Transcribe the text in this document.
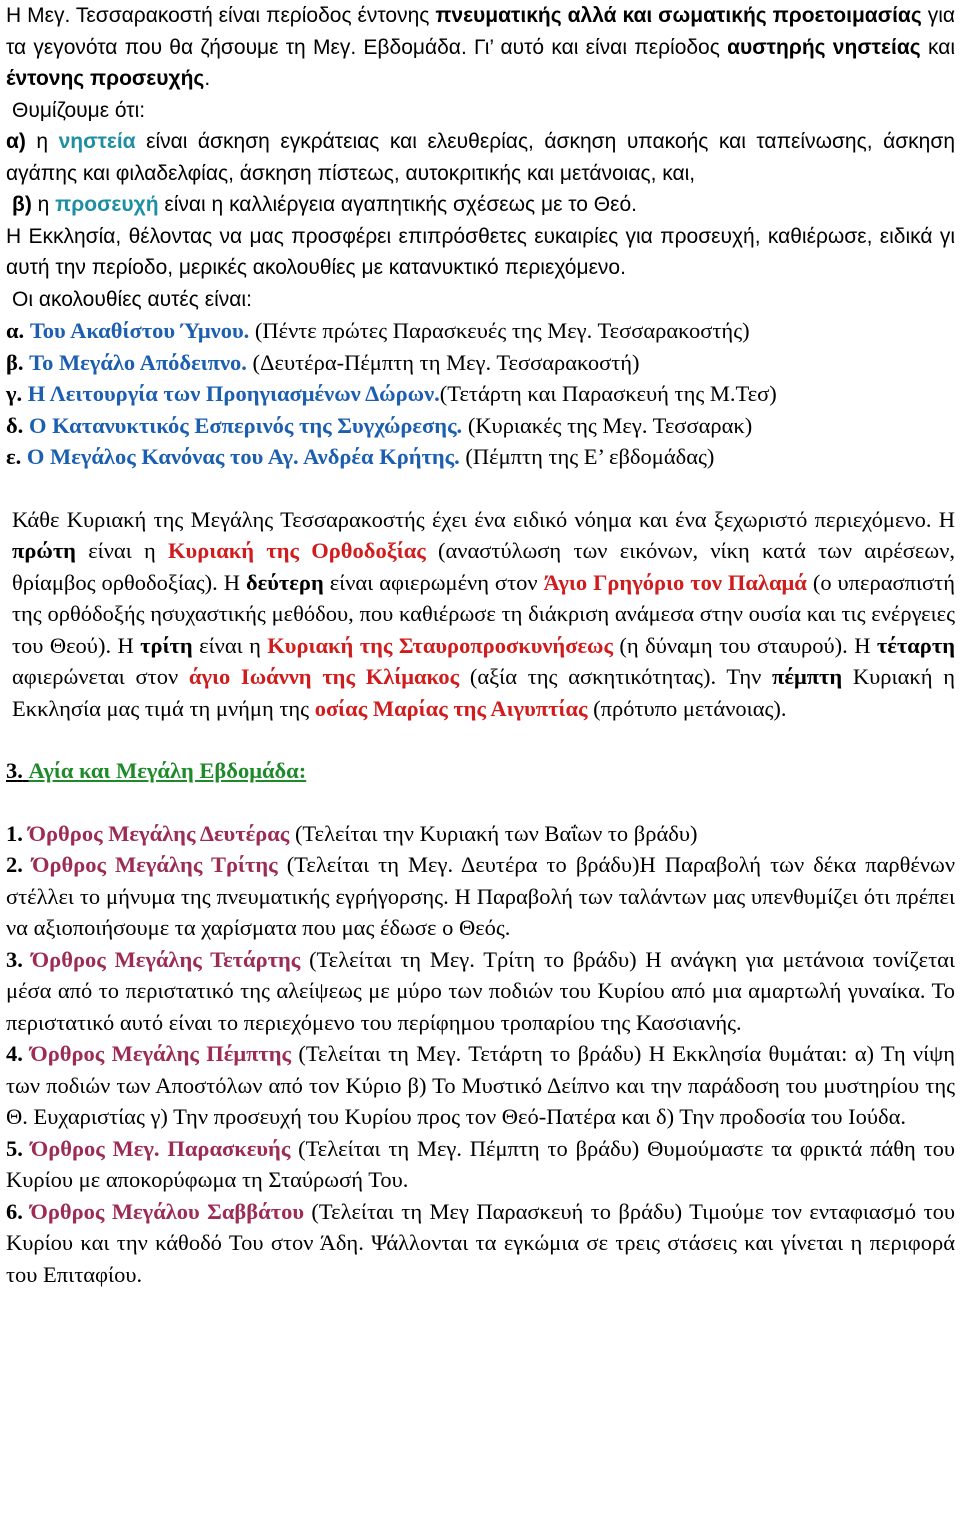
Η Μεγ. Τεσσαρακοστή είναι περίοδος έντονης πνευματικής αλλά και σωματικής προετοιμασίας για τα γεγονότα που θα ζήσουμε τη Μεγ. Εβδομάδα. Γι’ αυτό και είναι περίοδος αυστηρής νηστείας και έντονης προσευχής.

Θυμίζουμε ότι:

α) η νηστεία είναι άσκηση εγκράτειας και ελευθερίας, άσκηση υπακοής και ταπείνωσης, άσκηση αγάπης και φιλαδελφίας, άσκηση πίστεως, αυτοκριτικής και μετάνοιας, και,

β) η προσευχή είναι η καλλιέργεια αγαπητικής σχέσεως με το Θεό.

Η Εκκλησία, θέλοντας να μας προσφέρει επιπρόσθετες ευκαιρίες για προσευχή, καθιέρωσε, ειδικά γι αυτή την περίοδο, μερικές ακολουθίες με κατανυκτικό περιεχόμενο.

Οι ακολουθίες αυτές είναι:

α. Του Ακαθίστου Ύμνου. (Πέντε πρώτες Παρασκευές της Μεγ. Τεσσαρακοστής)

β. Το Μεγάλο Απόδειπνο. (Δευτέρα-Πέμπτη τη Μεγ. Τεσσαρακοστή)

γ. Η Λειτουργία των Προηγιασμένων Δώρων.(Τετάρτη και Παρασκευή της Μ.Τεσ)

δ. Ο Κατανυκτικός Εσπερινός της Συγχώρεσης. (Κυριακές της Μεγ. Τεσσαρακ)

ε. Ο Μεγάλος Κανόνας του Αγ. Ανδρέα Κρήτης. (Πέμπτη της Ε’ εβδομάδας)

Κάθε Κυριακή της Μεγάλης Τεσσαρακοστής έχει ένα ειδικό νόημα και ένα ξεχωριστό περιεχόμενο. Η πρώτη είναι η Κυριακή της Ορθοδοξίας (αναστύλωση των εικόνων, νίκη κατά των αιρέσεων, θρίαμβος ορθοδοξίας). Η δεύτερη είναι αφιερωμένη στον Άγιο Γρηγόριο τον Παλαμά (ο υπερασπιστή της ορθόδοξής ησυχαστικής μεθόδου, που καθιέρωσε τη διάκριση ανάμεσα στην ουσία και τις ενέργειες του Θεού). Η τρίτη είναι η Κυριακή της Σταυροπροσκυνήσεως (η δύναμη του σταυρού). Η τέταρτη αφιερώνεται στον άγιο Ιωάννη της Κλίμακος (αξία της ασκητικότητας). Την πέμπτη Κυριακή η Εκκλησία μας τιμά τη μνήμη της οσίας Μαρίας της Αιγυπτίας (πρότυπο μετάνοιας).

3. Αγία και Μεγάλη Εβδομάδα:

1. Όρθρος Μεγάλης Δευτέρας (Τελείται την Κυριακή των Βαΐων το βράδυ)

2. Όρθρος Μεγάλης Τρίτης (Τελείται τη Μεγ. Δευτέρα το βράδυ)Η Παραβολή των δέκα παρθένων στέλλει το μήνυμα της πνευματικής εγρήγορσης. Η Παραβολή των ταλάντων μας υπενθυμίζει ότι πρέπει να αξιοποιήσουμε τα χαρίσματα που μας έδωσε ο Θεός.

3. Όρθρος Μεγάλης Τετάρτης (Τελείται τη Μεγ. Τρίτη το βράδυ) Η ανάγκη για μετάνοια τονίζεται μέσα από το περιστατικό της αλείψεως με μύρο των ποδιών του Κυρίου από μια αμαρτωλή γυναίκα. Το περιστατικό αυτό είναι το περιεχόμενο του περίφημου τροπαρίου της Κασσιανής.

4. Όρθρος Μεγάλης Πέμπτης (Τελείται τη Μεγ. Τετάρτη το βράδυ) Η Εκκλησία θυμάται: α) Τη νίψη των ποδιών των Αποστόλων από τον Κύριο β) Το Μυστικό Δείπνο και την παράδοση του μυστηρίου της Θ. Ευχαριστίας γ) Την προσευχή του Κυρίου προς τον Θεό-Πατέρα και δ) Την προδοσία του Ιούδα.

5. Όρθρος Μεγ. Παρασκευής (Τελείται τη Μεγ. Πέμπτη το βράδυ) Θυμούμαστε τα φρικτά πάθη του Κυρίου με αποκορύφωμα τη Σταύρωσή Του.

6. Όρθρος Μεγάλου Σαββάτου (Τελείται τη Μεγ Παρασκευή το βράδυ) Τιμούμε τον ενταφιασμό του Κυρίου και την κάθοδό Του στον Άδη. Ψάλλονται τα εγκώμια σε τρεις στάσεις και γίνεται η περιφορά του Επιταφίου.
